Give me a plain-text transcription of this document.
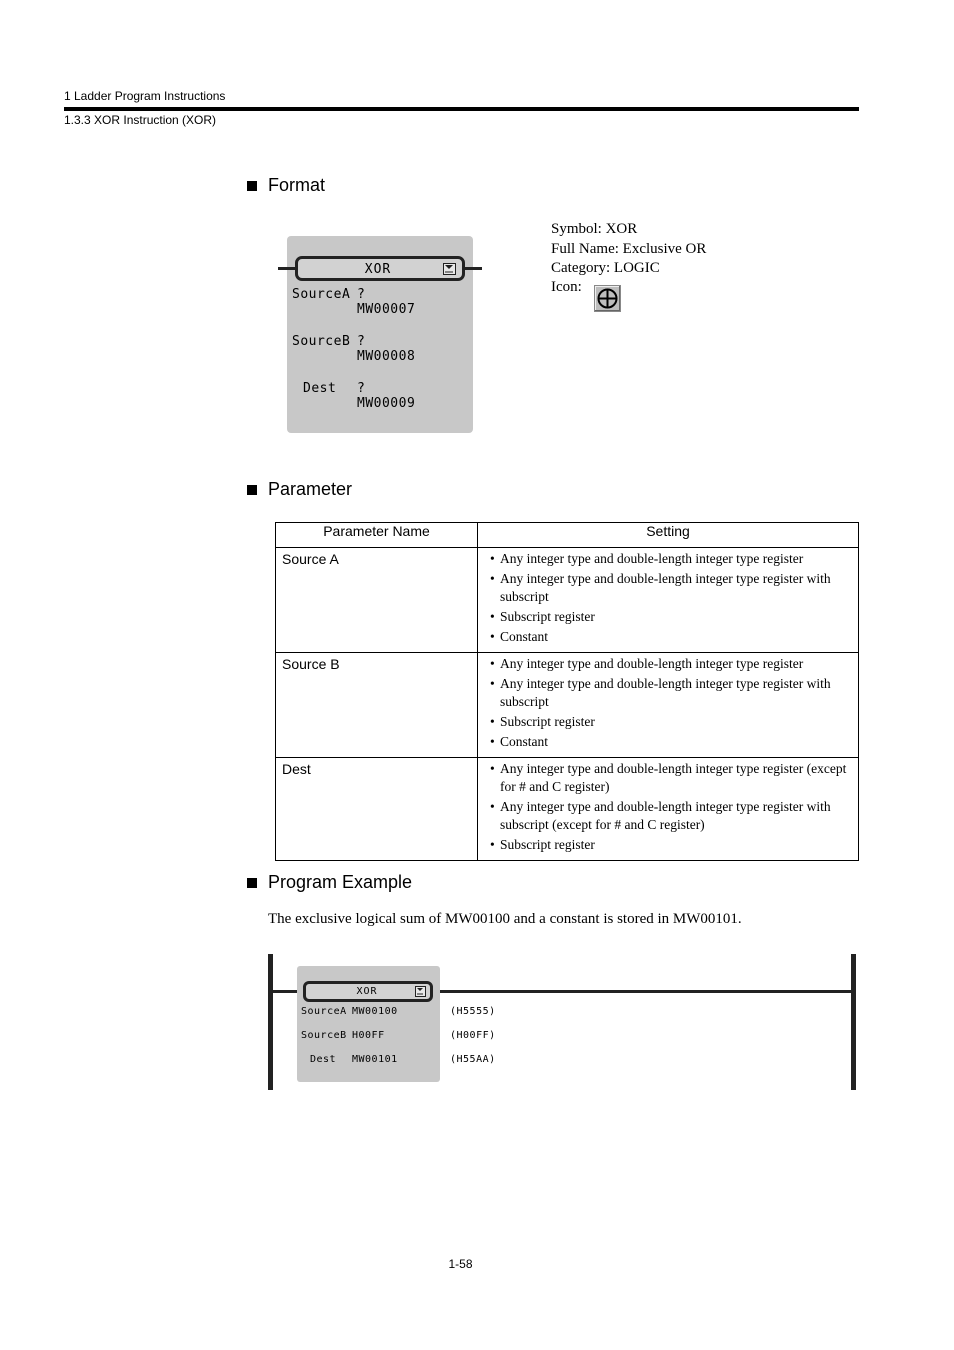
1 Ladder Program Instructions
1.3.3 XOR Instruction (XOR)
Format
XOR
SourceA ?
MW00007
SourceB ?
MW00008
Dest ?
MW00009
Symbol: XOR
Full Name: Exclusive OR
Category: LOGIC
Icon:
Parameter
Parameter Name	Setting
Source A	• Any integer type and double-length integer type register
• Any integer type and double-length integer type register with subscript
• Subscript register
• Constant

Source B	• Any integer type and double-length integer type register
• Any integer type and double-length integer type register with subscript
• Subscript register
• Constant

Dest	• Any integer type and double-length integer type register (except for # and C register)
• Any integer type and double-length integer type register with subscript (except for # and C register)
• Subscript register
Program Example
The exclusive logical sum of MW00100 and a constant is stored in MW00101.
XOR
SourceA MW00100	(H5555)
SourceB H00FF	(H00FF)
Dest MW00101	(H55AA)
1-58
